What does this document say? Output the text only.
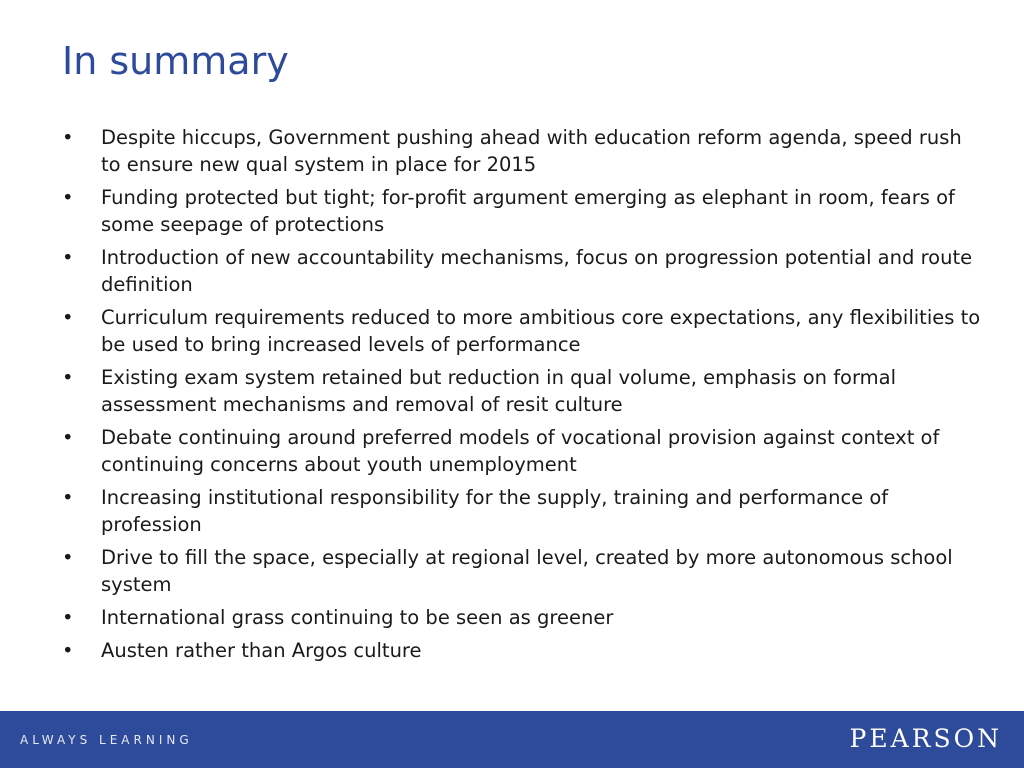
In summary
•	Despite hiccups, Government pushing ahead with education reform agenda, speed rush to ensure new qual system in place for 2015
•	Funding protected but tight; for-profit argument emerging as elephant in room, fears of some seepage of protections
•	Introduction of new accountability mechanisms, focus on progression potential and route definition
•	Curriculum requirements reduced to more ambitious core expectations, any flexibilities to be used to bring increased levels of performance
•	Existing exam system retained but reduction in qual volume, emphasis on formal assessment mechanisms and removal of resit culture
•	Debate continuing around preferred models of vocational provision against context of continuing concerns about youth unemployment
•	Increasing institutional responsibility for the supply, training and performance of profession
•	Drive to fill the space, especially at regional level, created by more autonomous school system
•	International grass continuing to be seen as greener
•	Austen rather than Argos culture
ALWAYS LEARNING	PEARSON
